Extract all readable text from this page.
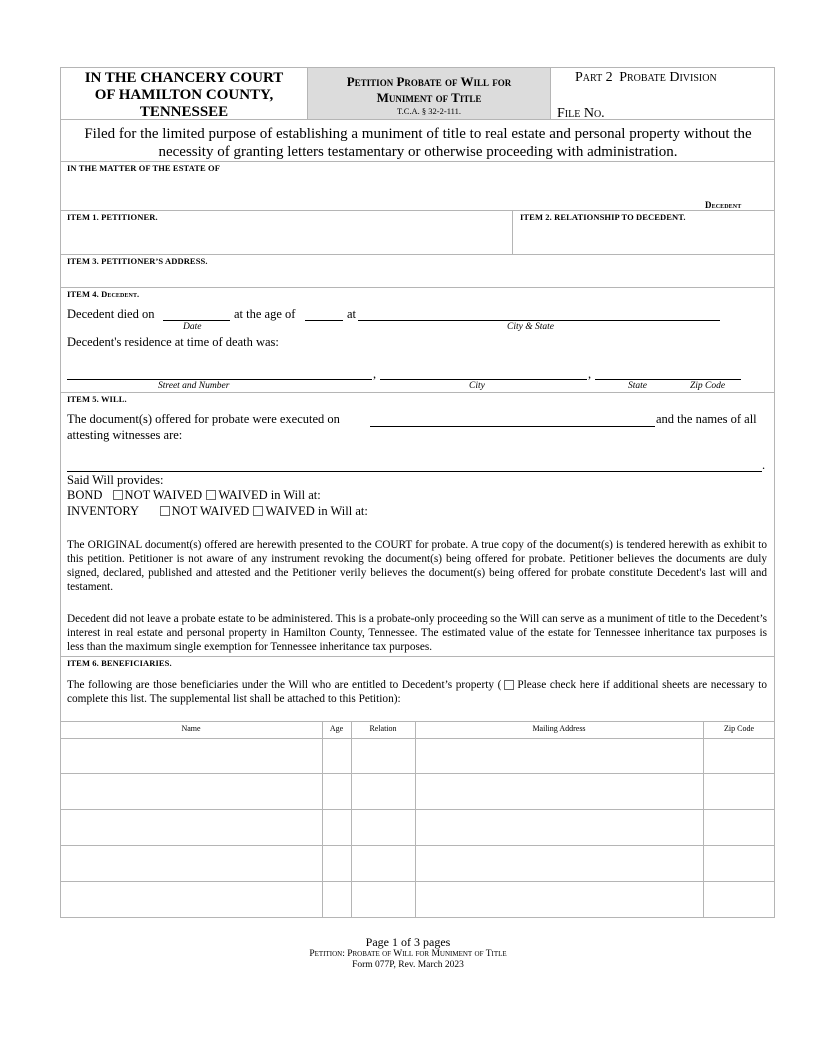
IN THE CHANCERY COURT
OF HAMILTON COUNTY,
TENNESSEE
Petition Probate of Will for
Muniment of Title
T.C.A. § 32-2-111.
Part 2 Probate Division
File No.
Filed for the limited purpose of establishing a muniment of title to real estate and personal property without the necessity of granting letters testamentary or otherwise proceeding with administration.
IN THE MATTER OF THE ESTATE OF
Decedent
ITEM 1. PETITIONER.	ITEM 2. RELATIONSHIP TO DECEDENT.
ITEM 3. PETITIONER’S ADDRESS.
ITEM 4. Decedent.
Decedent died on	at the age of	at
Date	City & State
Decedent's residence at time of death was:
,	,
Street and Number	City	State	Zip Code
ITEM 5. WILL.
The document(s) offered for probate were executed on	and the names of all
attesting witnesses are:
.
Said Will provides:
BOND NOT WAIVED WAIVED in Will at:
INVENTORY	NOT WAIVED WAIVED in Will at:
The ORIGINAL document(s) offered are herewith presented to the COURT for probate. A true copy of the document(s) is tendered herewith as exhibit to this petition. Petitioner is not aware of any instrument revoking the document(s) being offered for probate. Petitioner believes the documents are duly signed, declared, published and attested and the Petitioner verily believes the document(s) being offered for probate constitute Decedent's last will and testament.
Decedent did not leave a probate estate to be administered. This is a probate-only proceeding so the Will can serve as a muniment of title to the Decedent’s interest in real estate and personal property in Hamilton County, Tennessee. The estimated value of the estate for Tennessee inheritance tax purposes is less than the maximum single exemption for Tennessee inheritance tax purposes.
ITEM 6. BENEFICIARIES.
The following are those beneficiaries under the Will who are entitled to Decedent’s property ( Please check here if additional sheets are necessary to complete this list. The supplemental list shall be attached to this Petition):
Name	Age	Relation	Mailing Address	Zip Code
Page 1 of 3 pages
Petition: Probate of Will for Muniment of Title
Form 077P, Rev. March 2023
